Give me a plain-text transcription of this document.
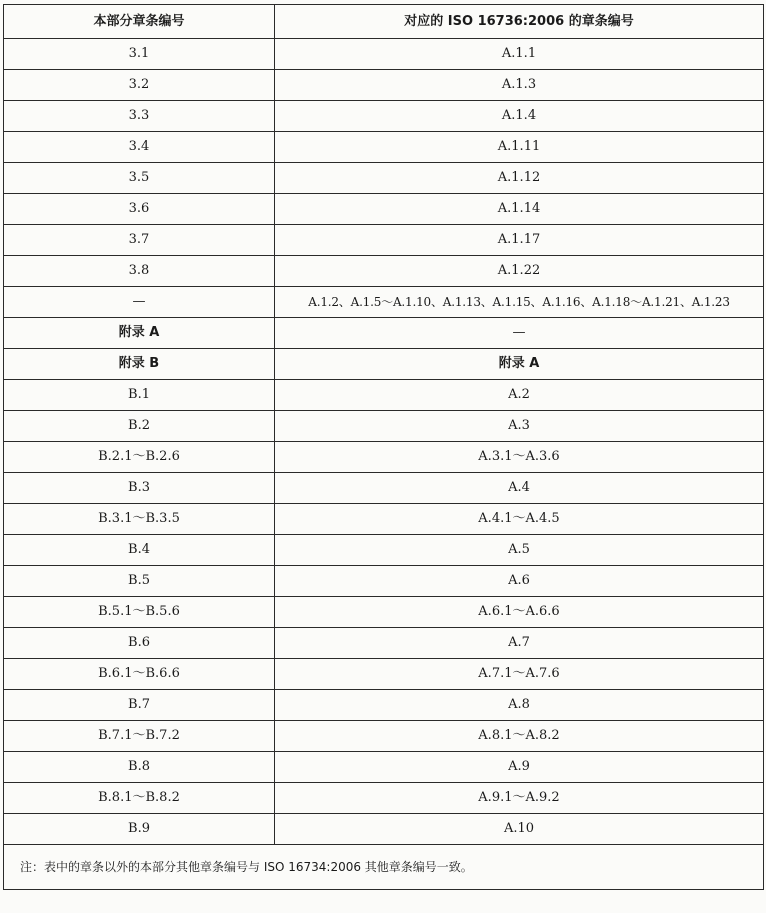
本部分章条编号	对应的 ISO 16736:2006 的章条编号
3.1	A.1.1
3.2	A.1.3
3.3	A.1.4
3.4	A.1.11
3.5	A.1.12
3.6	A.1.14
3.7	A.1.17
3.8	A.1.22
—	A.1.2、A.1.5～A.1.10、A.1.13、A.1.15、A.1.16、A.1.18～A.1.21、A.1.23
附录 A	—
附录 B	附录 A
B.1	A.2
B.2	A.3
B.2.1～B.2.6	A.3.1～A.3.6
B.3	A.4
B.3.1～B.3.5	A.4.1～A.4.5
B.4	A.5
B.5	A.6
B.5.1～B.5.6	A.6.1～A.6.6
B.6	A.7
B.6.1～B.6.6	A.7.1～A.7.6
B.7	A.8
B.7.1～B.7.2	A.8.1～A.8.2
B.8	A.9
B.8.1～B.8.2	A.9.1～A.9.2
B.9	A.10
注：表中的章条以外的本部分其他章条编号与 ISO 16734:2006 其他章条编号一致。	
